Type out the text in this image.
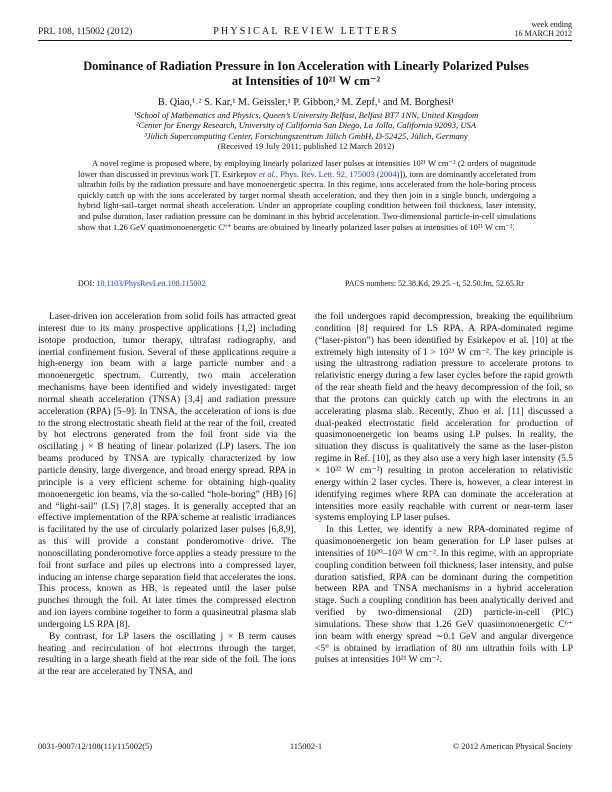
PRL 108, 115002 (2012)	PHYSICAL REVIEW LETTERS
week ending
16 MARCH 2012
Dominance of Radiation Pressure in Ion Acceleration with Linearly Polarized Pulses
at Intensities of 10²¹ W cm⁻²
B. Qiao,¹˒² S. Kar,¹ M. Geissler,¹ P. Gibbon,³ M. Zepf,¹ and M. Borghesi¹
¹School of Mathematics and Physics, Queen’s University Belfast, Belfast BT7 1NN, United Kingdom
²Center for Energy Research, University of California San Diego, La Jolla, California 92093, USA
³Jülich Supercomputing Center, Forschungszentrum Jülich GmbH, D-52425, Jülich, Germany
(Received 19 July 2011; published 12 March 2012)
A novel regime is proposed where, by employing linearly polarized laser pulses at intensities 10²¹ W cm⁻² (2 orders of magnitude lower than discussed in previous work [T. Esirkepov et al., Phys. Rev. Lett. 92, 175003 (2004)]), ions are dominantly accelerated from ultrathin foils by the radiation pressure and have monoenergetic spectra. In this regime, ions accelerated from the hole-boring process quickly catch up with the ions accelerated by target normal sheath acceleration, and they then join in a single bunch, undergoing a hybrid light-sail–target normal sheath acceleration. Under an appropriate coupling condition between foil thickness, laser intensity, and pulse duration, laser radiation pressure can be dominant in this hybrid acceleration. Two-dimensional particle-in-cell simulations show that 1.26 GeV quasimonoenergetic C⁶⁺ beams are obtained by linearly polarized laser pulses at intensities of 10²¹ W cm⁻².
DOI: 10.1103/PhysRevLett.108.115002	PACS numbers: 52.38.Kd, 29.25.−t, 52.50.Jm, 52.65.Rr

Laser-driven ion acceleration from solid foils has attracted great interest due to its many prospective applications [1,2] including isotope production, tumor therapy, ultrafast radiography, and inertial confinement fusion. Several of these applications require a high-energy ion beam with a large particle number and a monoenergetic spectrum. Currently, two main acceleration mechanisms have been identified and widely investigated: target normal sheath acceleration (TNSA) [3,4] and radiation pressure acceleration (RPA) [5–9]. In TNSA, the acceleration of ions is due to the strong electrostatic sheath field at the rear of the foil, created by hot electrons generated from the foil front side via the oscillating j × B heating of linear polarized (LP) lasers. The ion beams produced by TNSA are typically characterized by low particle density, large divergence, and broad energy spread. RPA in principle is a very efficient scheme for obtaining high-quality monoenergetic ion beams, via the so-called “hole-boring” (HB) [6] and “light-sail” (LS) [7,8] stages. It is generally accepted that an effective implementation of the RPA scheme at realistic irradiances is facilitated by the use of circularly polarized laser pulses [6,8,9], as this will provide a constant ponderomotive drive. The nonoscillating ponderomotive force applies a steady pressure to the foil front surface and piles up electrons into a compressed layer, inducing an intense charge separation field that accelerates the ions. This process, known as HB, is repeated until the laser pulse punches through the foil. At later times the compressed electron and ion layers combine together to form a quasineutral plasma slab undergoing LS RPA [8].

By contrast, for LP lasers the oscillating j × B term causes heating and recirculation of hot electrons through the target, resulting in a large sheath field at the rear side of the foil. The ions at the rear are accelerated by TNSA, and

the foil undergoes rapid decompression, breaking the equilibrium condition [8] required for LS RPA. A RPA-dominated regime (“laser-piston”) has been identified by Esirkepov et al. [10] at the extremely high intensity of I > 10²³ W cm⁻². The key principle is using the ultrastrong radiation pressure to accelerate protons to relativistic energy during a few laser cycles before the rapid growth of the rear sheath field and the heavy decompression of the foil, so that the protons can quickly catch up with the electrons in an accelerating plasma slab. Recently, Zhuo et al. [11] discussed a dual-peaked electrostatic field acceleration for production of quasimonoenergetic ion beams using LP pulses. In reality, the situation they discuss is qualitatively the same as the laser-piston regime in Ref. [10], as they also use a very high laser intensity (5.5 × 10²² W cm⁻²) resulting in proton acceleration to relativistic energy within 2 laser cycles. There is, however, a clear interest in identifying regimes where RPA can dominate the acceleration at intensities more easily reachable with current or near-term laser systems employing LP laser pulses.

In this Letter, we identify a new RPA-dominated regime of quasimonoenergetic ion beam generation for LP laser pulses at intensities of 10²⁰–10²¹ W cm⁻². In this regime, with an appropriate coupling condition between foil thickness, laser intensity, and pulse duration satisfied, RPA can be dominant during the competition between RPA and TNSA mechanisms in a hybrid acceleration stage. Such a coupling condition has been analytically derived and verified by two-dimensional (2D) particle-in-cell (PIC) simulations. These show that 1.26 GeV quasimonoenergetic C⁶⁺ ion beam with energy spread ∼0.1 GeV and angular divergence <5° is obtained by irradiation of 80 nm ultrathin foils with LP pulses at intensities 10²¹ W cm⁻².

0031-9007/12/108(11)/115002(5)	115002-1	© 2012 American Physical Society
